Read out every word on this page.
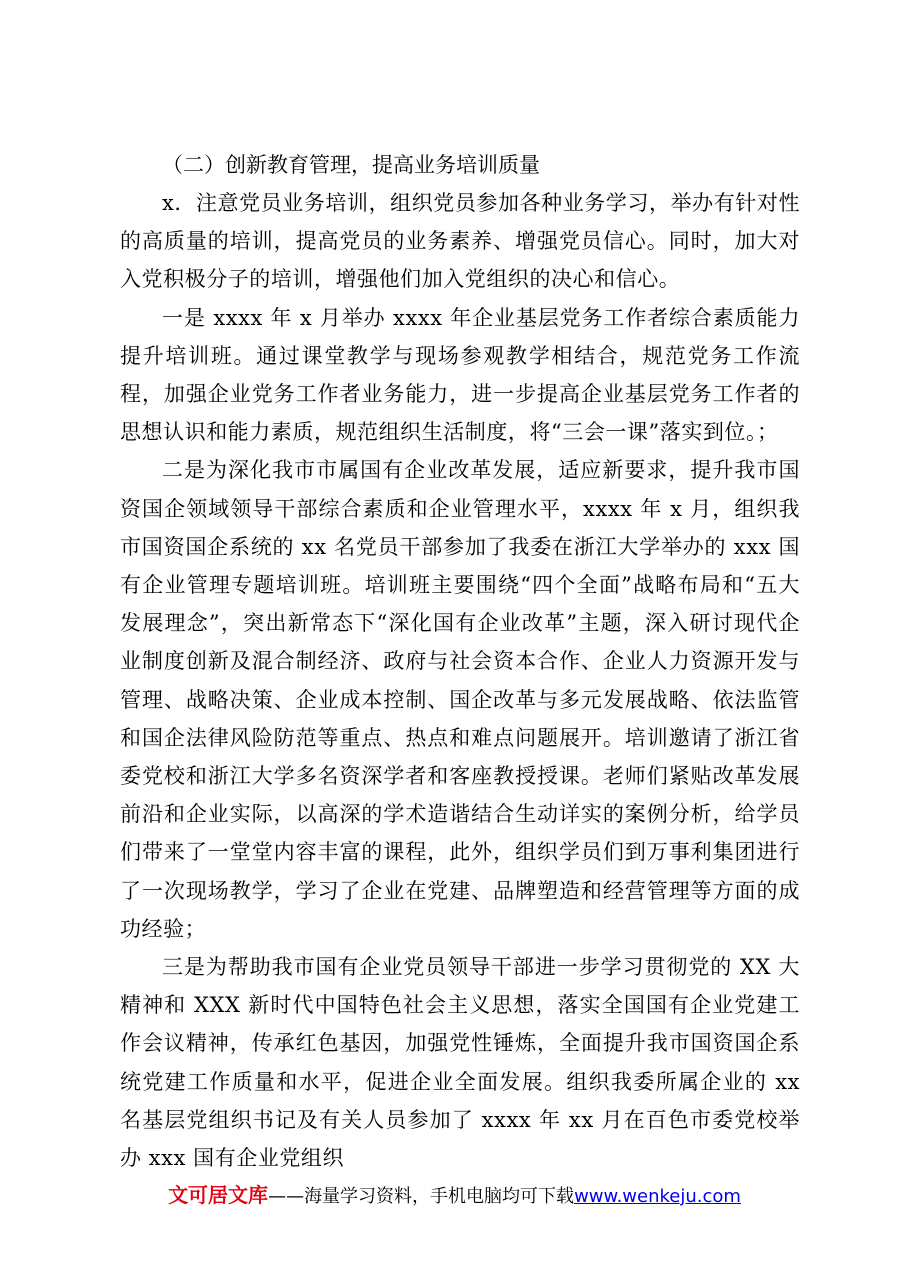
（二）创新教育管理，提高业务培训质量

x．注意党员业务培训，组织党员参加各种业务学习，举办有针对性的高质量的培训，提高党员的业务素养、增强党员信心。同时，加大对入党积极分子的培训，增强他们加入党组织的决心和信心。

一是 xxxx 年 x 月举办 xxxx 年企业基层党务工作者综合素质能力提升培训班。通过课堂教学与现场参观教学相结合，规范党务工作流程，加强企业党务工作者业务能力，进一步提高企业基层党务工作者的思想认识和能力素质，规范组织生活制度，将“三会一课”落实到位。；

二是为深化我市市属国有企业改革发展，适应新要求，提升我市国资国企领域领导干部综合素质和企业管理水平，xxxx 年 x 月，组织我市国资国企系统的 xx 名党员干部参加了我委在浙江大学举办的 xxx 国有企业管理专题培训班。培训班主要围绕“四个全面”战略布局和“五大发展理念”，突出新常态下“深化国有企业改革”主题，深入研讨现代企业制度创新及混合制经济、政府与社会资本合作、企业人力资源开发与管理、战略决策、企业成本控制、国企改革与多元发展战略、依法监管和国企法律风险防范等重点、热点和难点问题展开。培训邀请了浙江省委党校和浙江大学多名资深学者和客座教授授课。老师们紧贴改革发展前沿和企业实际，以高深的学术造谐结合生动详实的案例分析，给学员们带来了一堂堂内容丰富的课程，此外，组织学员们到万事利集团进行了一次现场教学，学习了企业在党建、品牌塑造和经营管理等方面的成功经验；

三是为帮助我市国有企业党员领导干部进一步学习贯彻党的 XX 大精神和 XXX 新时代中国特色社会主义思想，落实全国国有企业党建工作会议精神，传承红色基因，加强党性锤炼，全面提升我市国资国企系统党建工作质量和水平，促进企业全面发展。组织我委所属企业的 xx 名基层党组织书记及有关人员参加了 xxxx 年 xx 月在百色市委党校举办 xxx 国有企业党组织

文可居文库——海量学习资料，手机电脑均可下载www.wenkeju.com
